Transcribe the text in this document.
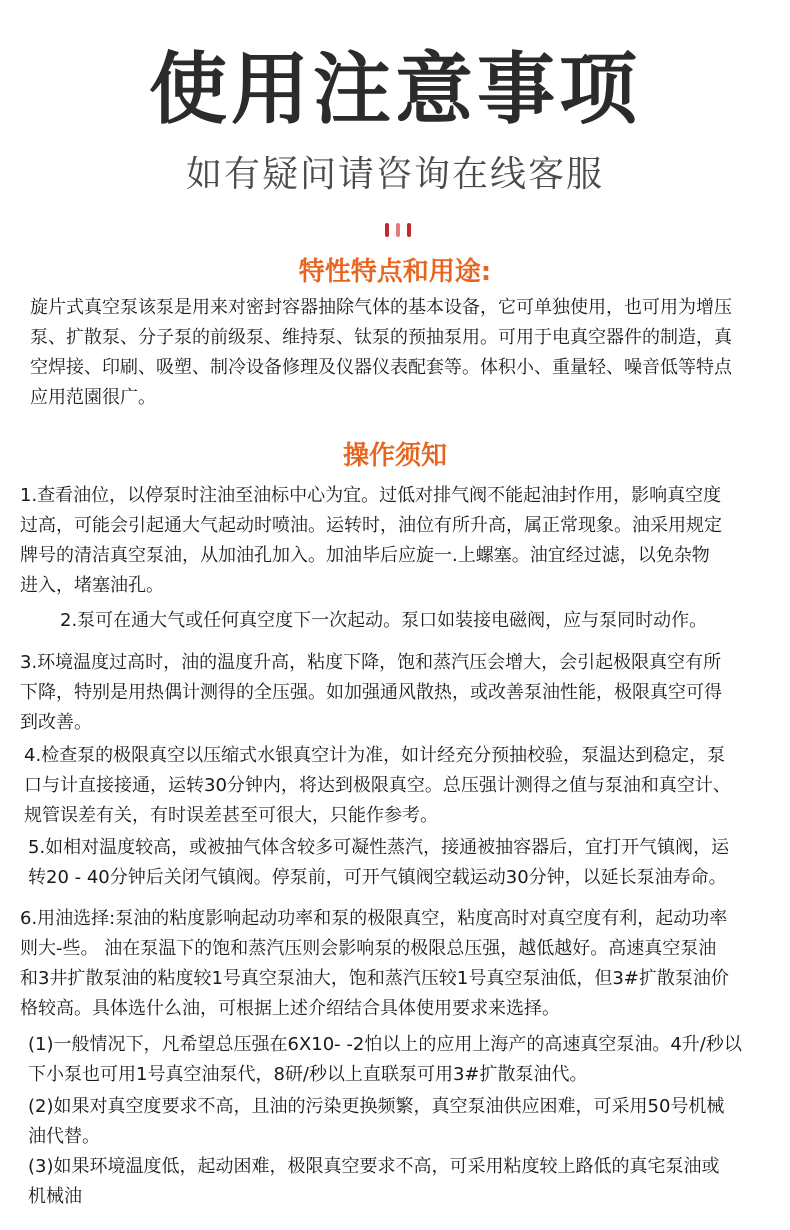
使用注意事项
如有疑问请咨询在线客服
特性特点和用途:

旋片式真空泵该泵是用来对密封容器抽除气体的基本设备，它可单独使用，也可用为增压
泵、扩散泵、分子泵的前级泵、维持泵、钛泵的预抽泵用。可用于电真空器件的制造，真
空焊接、印刷、吸塑、制冷设备修理及仪器仪表配套等。体积小、重量轻、噪音低等特点
应用范園很广。

操作须知

1.查看油位，以停泵时注油至油标中心为宜。过低对排气阀不能起油封作用，影响真空度
过高，可能会引起通大气起动时喷油。运转时，油位有所升高，属正常现象。油采用规定
牌号的清洁真空泵油，从加油孔加入。加油毕后应旋一.上螺塞。油宜经过滤，以免杂物
进入，堵塞油孔。

2.泵可在通大气或任何真空度下一次起动。泵口如装接电磁阀，应与泵同时动作。

3.环境温度过高时，油的温度升高，粘度下降，饱和蒸汽压会增大，会引起极限真空有所
下降，特别是用热偶计测得的全压强。如加强通风散热，或改善泵油性能，极限真空可得
到改善。

4.检查泵的极限真空以压缩式水银真空计为准，如计经充分预抽校验，泵温达到稳定，泵
口与计直接接通，运转30分钟内，将达到极限真空。总压强计测得之值与泵油和真空计、
规管误差有关，有时误差甚至可很大，只能作参考。

5.如相对温度较高，或被抽气体含较多可凝性蒸汽，接通被抽容器后，宜打开气镇阀，运
转20 - 40分钟后关闭气镇阀。停泵前，可开气镇阀空载运动30分钟，以延长泵油寿命。

6.用油选择:泵油的粘度影响起动功率和泵的极限真空，粘度高时对真空度有利，起动功率
则大-些。 油在泵温下的饱和蒸汽压则会影响泵的极限总压强，越低越好。高速真空泵油
和3井扩散泵油的粘度较1号真空泵油大，饱和蒸汽压较1号真空泵油低，但3#扩散泵油价
格较高。具体选什么油，可根据上述介绍结合具体使用要求来选择。

(1)一般情况下，凡希望总压强在6X10- -2怕以上的应用上海产的高速真空泵油。4升/秒以
下小泵也可用1号真空油泵代，8研/秒以上直联泵可用3#扩散泵油代。

(2)如果对真空度要求不高，且油的污染更换频繁，真空泵油供应困难，可采用50号机械
油代替。

(3)如果环境温度低，起动困难，极限真空要求不高，可采用粘度较上路低的真宅泵油或
机械油
